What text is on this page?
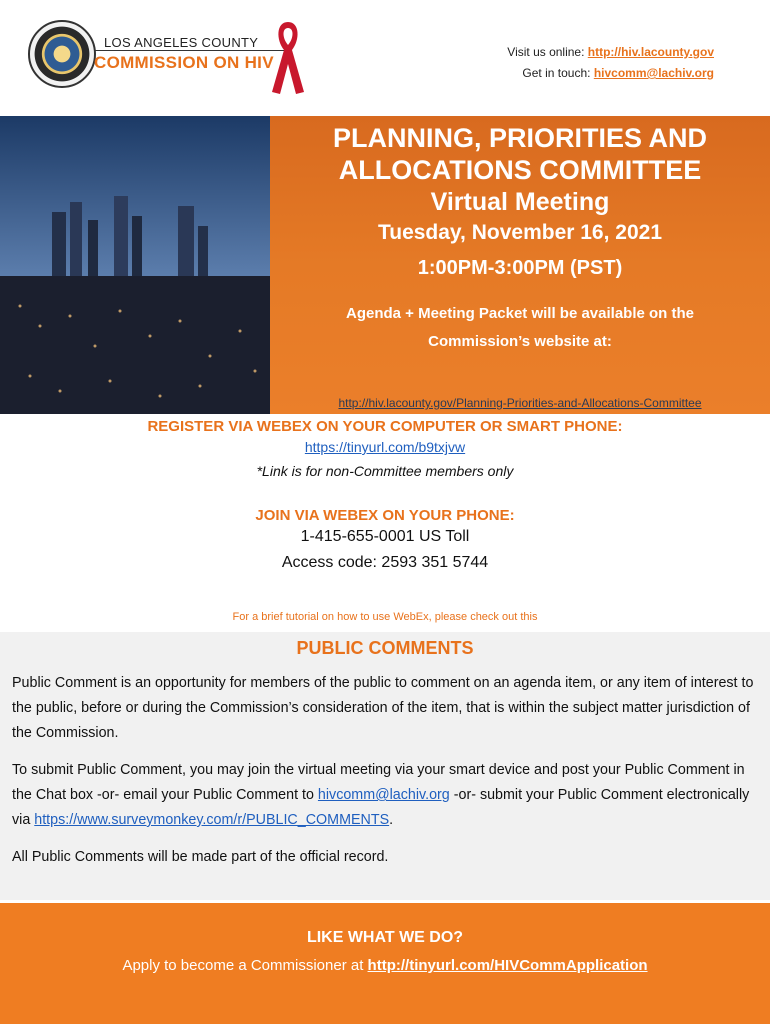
LOS ANGELES COUNTY
COMMISSION ON HIV
Visit us online: http://hiv.lacounty.gov
Get in touch: hivcomm@lachiv.org
PLANNING, PRIORITIES AND
ALLOCATIONS COMMITTEE
Virtual Meeting
Tuesday, November 16, 2021
1:00PM-3:00PM (PST)
Agenda + Meeting Packet will be available on the
Commission’s website at:
http://hiv.lacounty.gov/Planning-Priorities-and-Allocations-Committee
REGISTER VIA WEBEX ON YOUR COMPUTER OR SMART PHONE:
https://tinyurl.com/b9txjvw
*Link is for non-Committee members only
JOIN VIA WEBEX ON YOUR PHONE:
1-415-655-0001 US Toll
Access code: 2593 351 5744
For a brief tutorial on how to use WebEx, please check out this
PUBLIC COMMENTS
Public Comment is an opportunity for members of the public to comment on an agenda item, or any item of interest to the public, before or during the Commission’s consideration of the item, that is within the subject matter jurisdiction of the Commission.
To submit Public Comment, you may join the virtual meeting via your smart device and post your Public Comment in the Chat box -or- email your Public Comment to hivcomm@lachiv.org -or- submit your Public Comment electronically via https://www.surveymonkey.com/r/PUBLIC_COMMENTS.
All Public Comments will be made part of the official record.
LIKE WHAT WE DO?
Apply to become a Commissioner at http://tinyurl.com/HIVCommApplication
